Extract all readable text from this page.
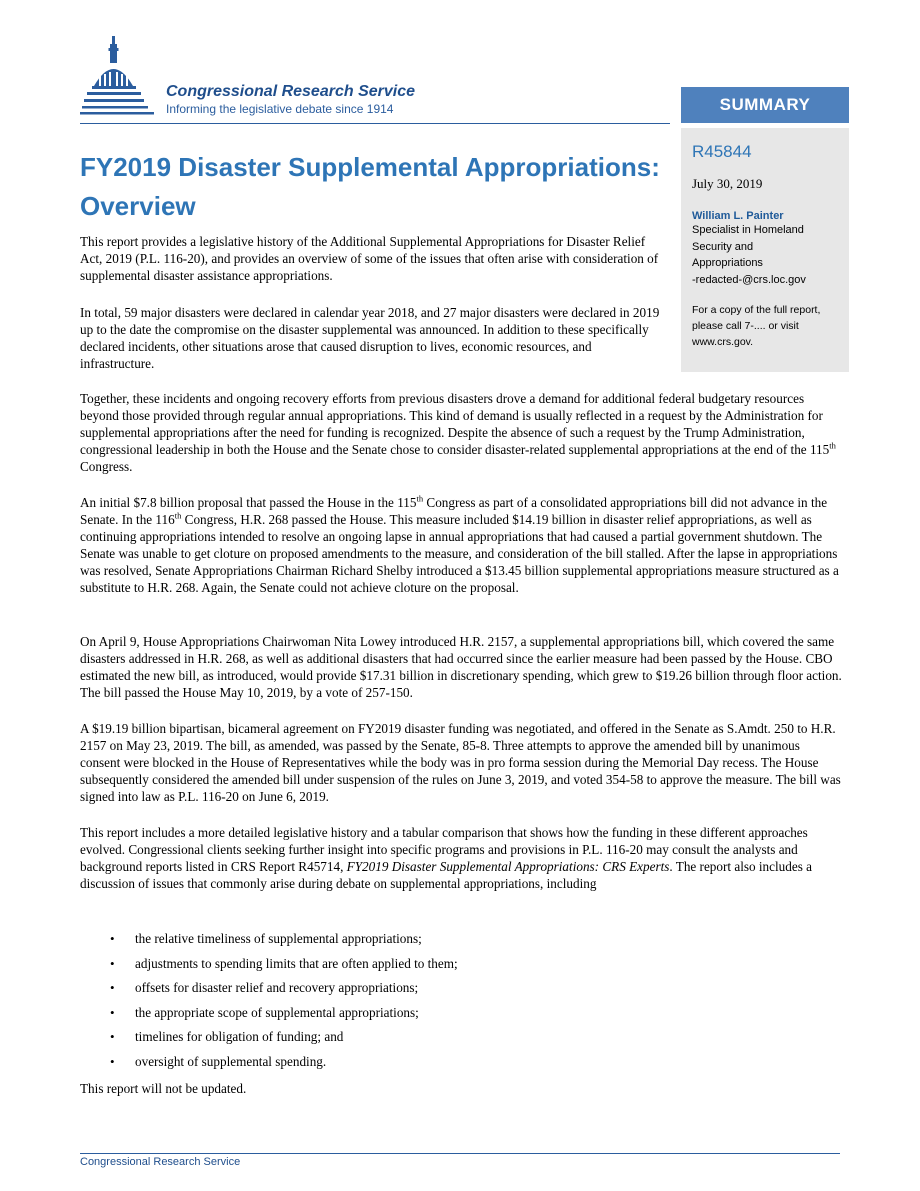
Congressional Research Service
Informing the legislative debate since 1914	SUMMARY
R45844
July 30, 2019
William L. Painter
Specialist in Homeland
Security and
Appropriations
-redacted-@crs.loc.gov
For a copy of the full report,
please call 7-.... or visit
www.crs.gov.
FY2019 Disaster Supplemental Appropriations:
Overview

This report provides a legislative history of the Additional Supplemental Appropriations for Disaster Relief Act, 2019 (P.L. 116-20), and provides an overview of some of the issues that often arise with consideration of supplemental disaster assistance appropriations.

In total, 59 major disasters were declared in calendar year 2018, and 27 major disasters were declared in 2019 up to the date the compromise on the disaster supplemental was announced. In addition to these specifically declared incidents, other situations arose that caused disruption to lives, economic resources, and infrastructure.

Together, these incidents and ongoing recovery efforts from previous disasters drove a demand for additional federal budgetary resources beyond those provided through regular annual appropriations. This kind of demand is usually reflected in a request by the Administration for supplemental appropriations after the need for funding is recognized. Despite the absence of such a request by the Trump Administration, congressional leadership in both the House and the Senate chose to consider disaster-related supplemental appropriations at the end of the 115th Congress.

An initial $7.8 billion proposal that passed the House in the 115th Congress as part of a consolidated appropriations bill did not advance in the Senate. In the 116th Congress, H.R. 268 passed the House. This measure included $14.19 billion in disaster relief appropriations, as well as continuing appropriations intended to resolve an ongoing lapse in annual appropriations that had caused a partial government shutdown. The Senate was unable to get cloture on proposed amendments to the measure, and consideration of the bill stalled. After the lapse in appropriations was resolved, Senate Appropriations Chairman Richard Shelby introduced a $13.45 billion supplemental appropriations measure structured as a substitute to H.R. 268. Again, the Senate could not achieve cloture on the proposal.

On April 9, House Appropriations Chairwoman Nita Lowey introduced H.R. 2157, a supplemental appropriations bill, which covered the same disasters addressed in H.R. 268, as well as additional disasters that had occurred since the earlier measure had been passed by the House. CBO estimated the new bill, as introduced, would provide $17.31 billion in discretionary spending, which grew to $19.26 billion through floor action. The bill passed the House May 10, 2019, by a vote of 257-150.

A $19.19 billion bipartisan, bicameral agreement on FY2019 disaster funding was negotiated, and offered in the Senate as S.Amdt. 250 to H.R. 2157 on May 23, 2019. The bill, as amended, was passed by the Senate, 85-8. Three attempts to approve the amended bill by unanimous consent were blocked in the House of Representatives while the body was in pro forma session during the Memorial Day recess. The House subsequently considered the amended bill under suspension of the rules on June 3, 2019, and voted 354-58 to approve the measure. The bill was signed into law as P.L. 116-20 on June 6, 2019.

This report includes a more detailed legislative history and a tabular comparison that shows how the funding in these different approaches evolved. Congressional clients seeking further insight into specific programs and provisions in P.L. 116-20 may consult the analysts and background reports listed in CRS Report R45714, FY2019 Disaster Supplemental Appropriations: CRS Experts. The report also includes a discussion of issues that commonly arise during debate on supplemental appropriations, including

• the relative timeliness of supplemental appropriations;
• adjustments to spending limits that are often applied to them;
• offsets for disaster relief and recovery appropriations;
• the appropriate scope of supplemental appropriations;
• timelines for obligation of funding; and
• oversight of supplemental spending.

This report will not be updated.

Congressional Research Service
